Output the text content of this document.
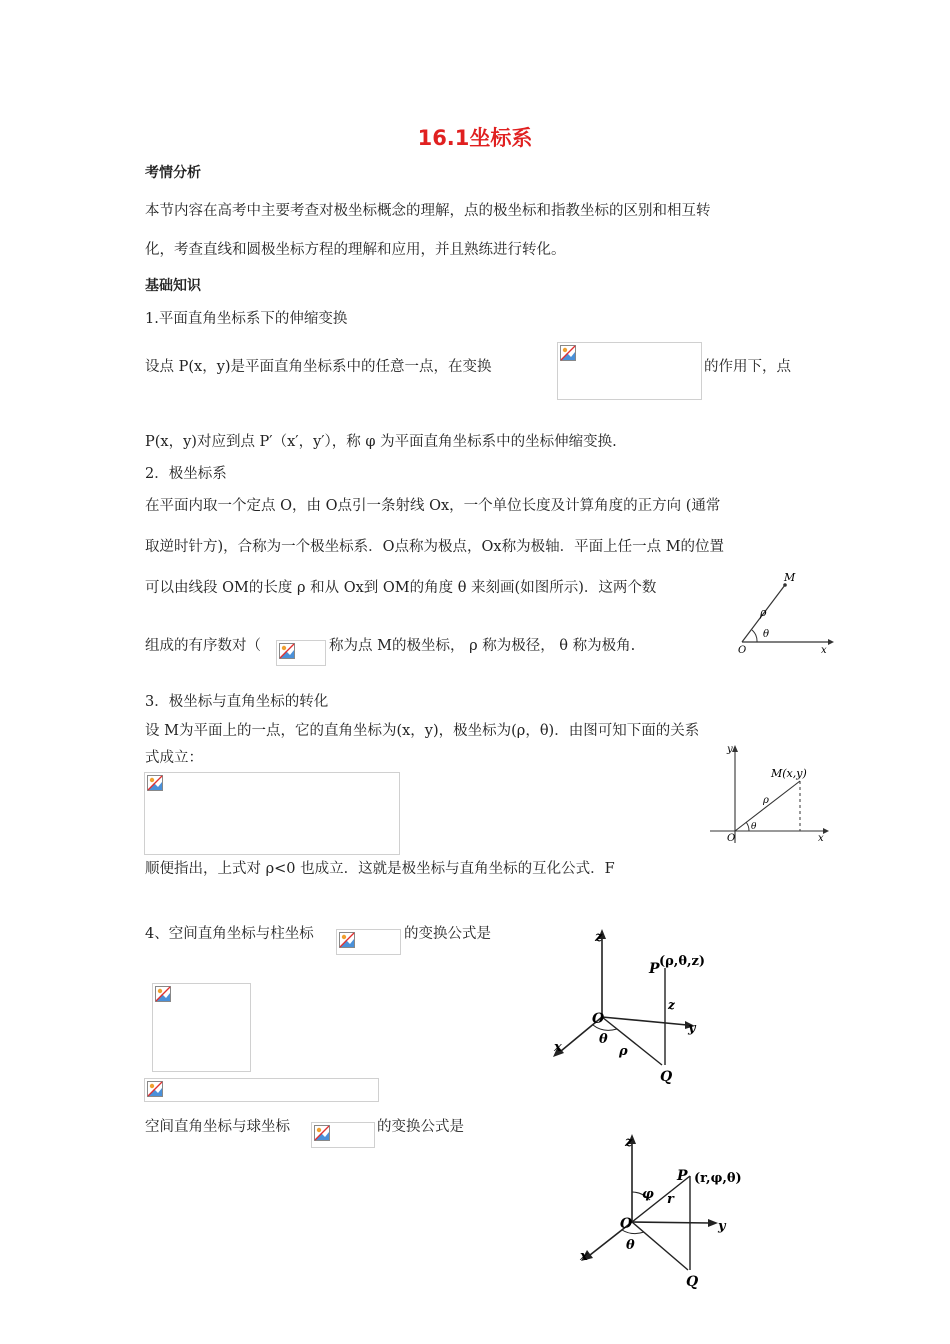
16.1坐标系
考情分析
本节内容在高考中主要考查对极坐标概念的理解，点的极坐标和指教坐标的区别和相互转
化，考查直线和圆极坐标方程的理解和应用，并且熟练进行转化。
基础知识
1.平面直角坐标系下的伸缩变换
设点 P(x，y)是平面直角坐标系中的任意一点，在变换	的作用下，点
P(x，y)对应到点 P′（x′，y′），称 φ 为平面直角坐标系中的坐标伸缩变换.
2．极坐标系
在平面内取一个定点 O，由 O点引一条射线 Ox，一个单位长度及计算角度的正方向 (通常
取逆时针方)，合称为一个极坐标系．O点称为极点，Ox称为极轴．平面上任一点 M的位置
可以由线段 OM的长度 ρ 和从 Ox到 OM的角度 θ 来刻画(如图所示)．这两个数
组成的有序数对（	称为点 M的极坐标， ρ 称为极径， θ 称为极角.
M
ρ
θ
O	x
3．极坐标与直角坐标的转化
设 M为平面上的一点，它的直角坐标为(x，y)，极坐标为(ρ，θ)．由图可知下面的关系
式成立：
顺便指出，上式对 ρ<0 也成立．这就是极坐标与直角坐标的互化公式．F
y
M(x,y)
ρ
θ
O	x
4、空间直角坐标与柱坐标	的变换公式是	z
P (ρ,θ,z)
z
O
y
θ
ρ
x
Q
空间直角坐标与球坐标	的变换公式是
z
P (r,φ,θ)
φ r
O	y
θ
x
Q
